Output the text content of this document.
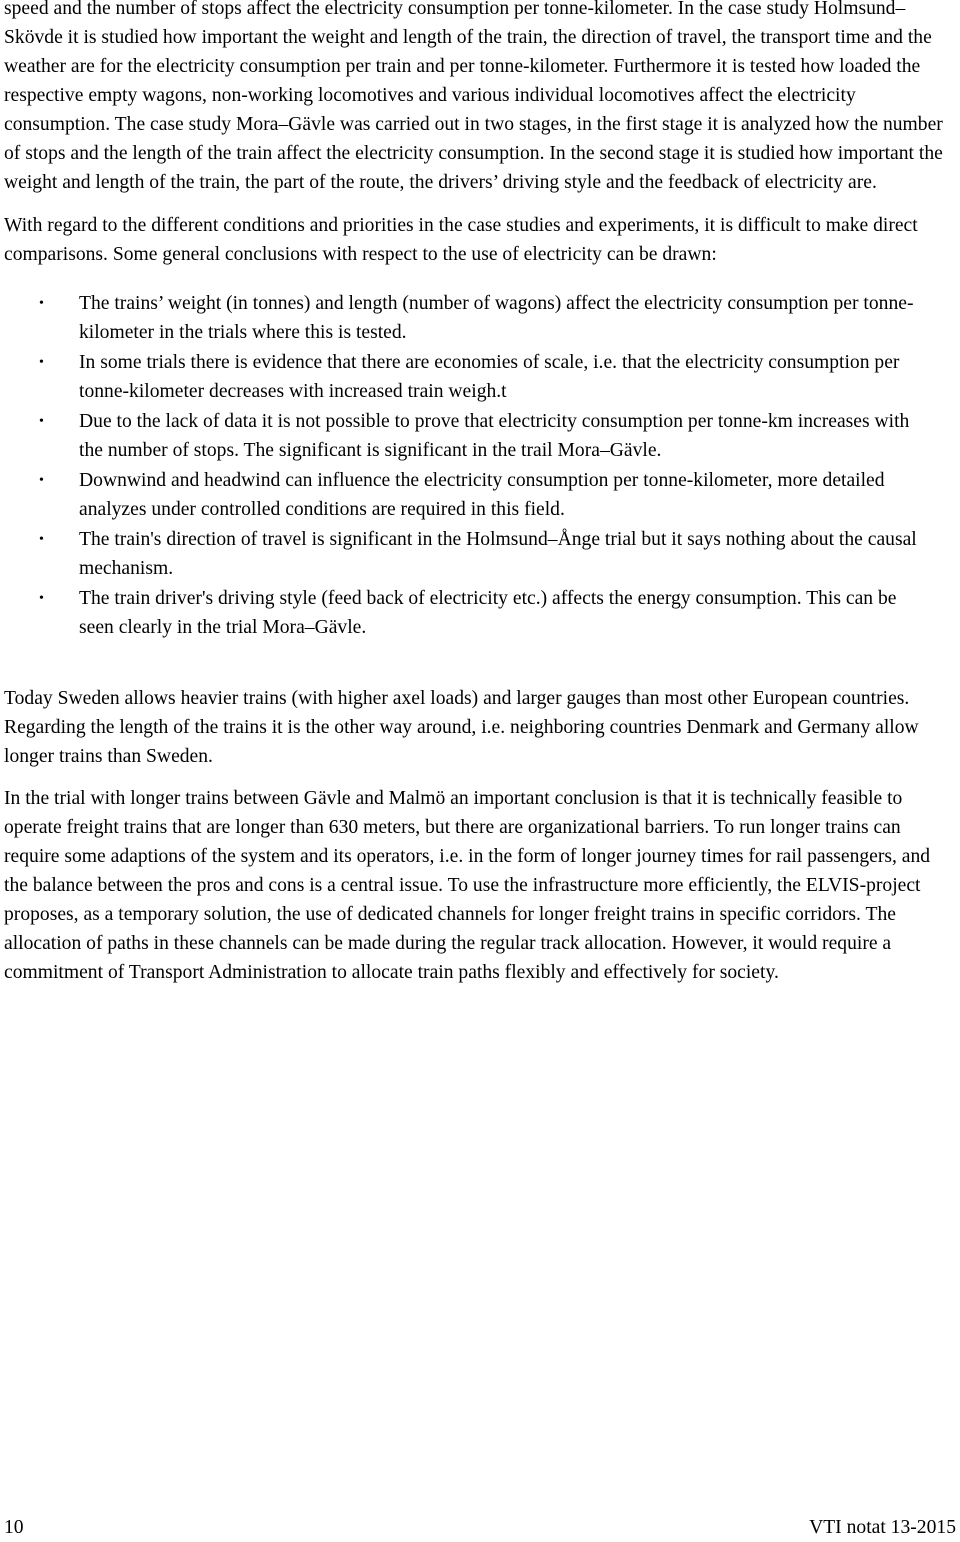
speed and the number of stops affect the electricity consumption per tonne-kilometer. In the case study Holmsund–Skövde it is studied how important the weight and length of the train, the direction of travel, the transport time and the weather are for the electricity consumption per train and per tonne-kilometer. Furthermore it is tested how loaded the respective empty wagons, non-working locomotives and various individual locomotives affect the electricity consumption. The case study Mora–Gävle was carried out in two stages, in the first stage it is analyzed how the number of stops and the length of the train affect the electricity consumption. In the second stage it is studied how important the weight and length of the train, the part of the route, the drivers’ driving style and the feedback of electricity are.

With regard to the different conditions and priorities in the case studies and experiments, it is difficult to make direct comparisons. Some general conclusions with respect to the use of electricity can be drawn:

• The trains’ weight (in tonnes) and length (number of wagons) affect the electricity consumption per tonne-kilometer in the trials where this is tested.
• In some trials there is evidence that there are economies of scale, i.e. that the electricity consumption per tonne-kilometer decreases with increased train weigh.t
• Due to the lack of data it is not possible to prove that electricity consumption per tonne-km increases with the number of stops. The significant is significant in the trail Mora–Gävle.
• Downwind and headwind can influence the electricity consumption per tonne-kilometer, more detailed analyzes under controlled conditions are required in this field.
• The train's direction of travel is significant in the Holmsund–Ånge trial but it says nothing about the causal mechanism.
• The train driver's driving style (feed back of electricity etc.) affects the energy consumption. This can be seen clearly in the trial Mora–Gävle.

Today Sweden allows heavier trains (with higher axel loads) and larger gauges than most other European countries. Regarding the length of the trains it is the other way around, i.e. neighboring countries Denmark and Germany allow longer trains than Sweden.

In the trial with longer trains between Gävle and Malmö an important conclusion is that it is technically feasible to operate freight trains that are longer than 630 meters, but there are organizational barriers. To run longer trains can require some adaptions of the system and its operators, i.e. in the form of longer journey times for rail passengers, and the balance between the pros and cons is a central issue. To use the infrastructure more efficiently, the ELVIS-project proposes, as a temporary solution, the use of dedicated channels for longer freight trains in specific corridors. The allocation of paths in these channels can be made during the regular track allocation. However, it would require a commitment of Transport Administration to allocate train paths flexibly and effectively for society.

10	VTI notat 13-2015
